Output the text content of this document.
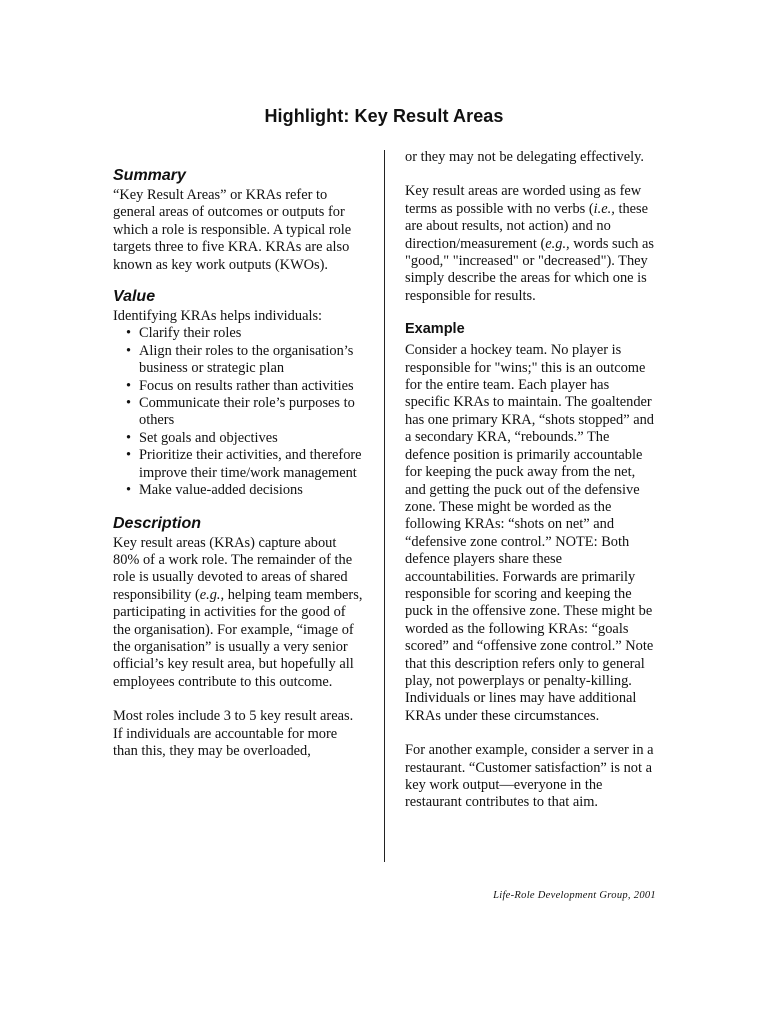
Highlight: Key Result Areas
Summary

“Key Result Areas” or KRAs refer to general areas of outcomes or outputs for which a role is responsible. A typical role targets three to five KRA. KRAs are also known as key work outputs (KWOs).

Value

Identifying KRAs helps individuals:

• Clarify their roles
• Align their roles to the organisation’s business or strategic plan
• Focus on results rather than activities
• Communicate their role’s purposes to others
• Set goals and objectives
• Prioritize their activities, and therefore improve their time/work management
• Make value-added decisions
Description

Key result areas (KRAs) capture about 80% of a work role. The remainder of the role is usually devoted to areas of shared responsibility (e.g., helping team members, participating in activities for the good of the organisation). For example, “image of the organisation” is usually a very senior official’s key result area, but hopefully all employees contribute to this outcome.

Most roles include 3 to 5 key result areas. If individuals are accountable for more than this, they may be overloaded,

or they may not be delegating effectively.

Key result areas are worded using as few terms as possible with no verbs (i.e., these are about results, not action) and no direction/measurement (e.g., words such as "good," "increased" or "decreased"). They simply describe the areas for which one is responsible for results.

Example

Consider a hockey team. No player is responsible for "wins;" this is an outcome for the entire team. Each player has specific KRAs to maintain. The goaltender has one primary KRA, “shots stopped” and a secondary KRA, “rebounds.” The defence position is primarily accountable for keeping the puck away from the net, and getting the puck out of the defensive zone. These might be worded as the following KRAs: “shots on net” and “defensive zone control.” NOTE: Both defence players share these accountabilities. Forwards are primarily responsible for scoring and keeping the puck in the offensive zone. These might be worded as the following KRAs: “goals scored” and “offensive zone control.” Note that this description refers only to general play, not powerplays or penalty-killing. Individuals or lines may have additional KRAs under these circumstances.

For another example, consider a server in a restaurant. “Customer satisfaction” is not a key work output—everyone in the restaurant contributes to that aim.

Life-Role Development Group, 2001
